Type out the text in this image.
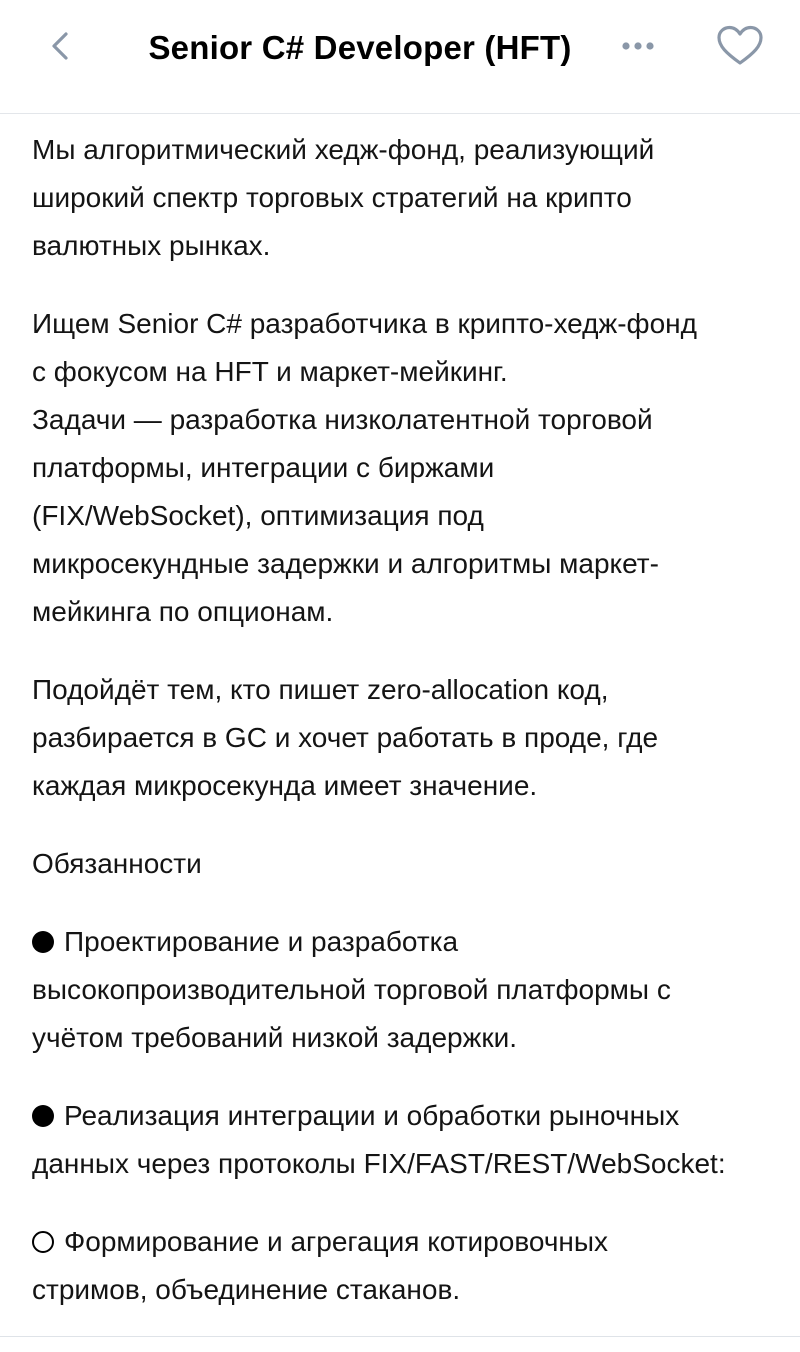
Senior C# Developer (HFT)

Мы алгоритмический хедж-фонд, реализующий
широкий спектр торговых стратегий на крипто
валютных рынках.

Ищем Senior C# разработчика в крипто-хедж-фонд
с фокусом на HFT и маркет-мейкинг.
Задачи — разработка низколатентной торговой
платформы, интеграции с биржами
(FIX/WebSocket), оптимизация под
микросекундные задержки и алгоритмы маркет-
мейкинга по опционам.

Подойдёт тем, кто пишет zero-allocation код,
разбирается в GC и хочет работать в проде, где
каждая микросекунда имеет значение.

Обязанности

Проектирование и разработка
высокопроизводительной торговой платформы с
учётом требований низкой задержки.

Реализация интеграции и обработки рыночных
данных через протоколы FIX/FAST/REST/WebSocket:

Формирование и агрегация котировочных
стримов, объединение стаканов.
